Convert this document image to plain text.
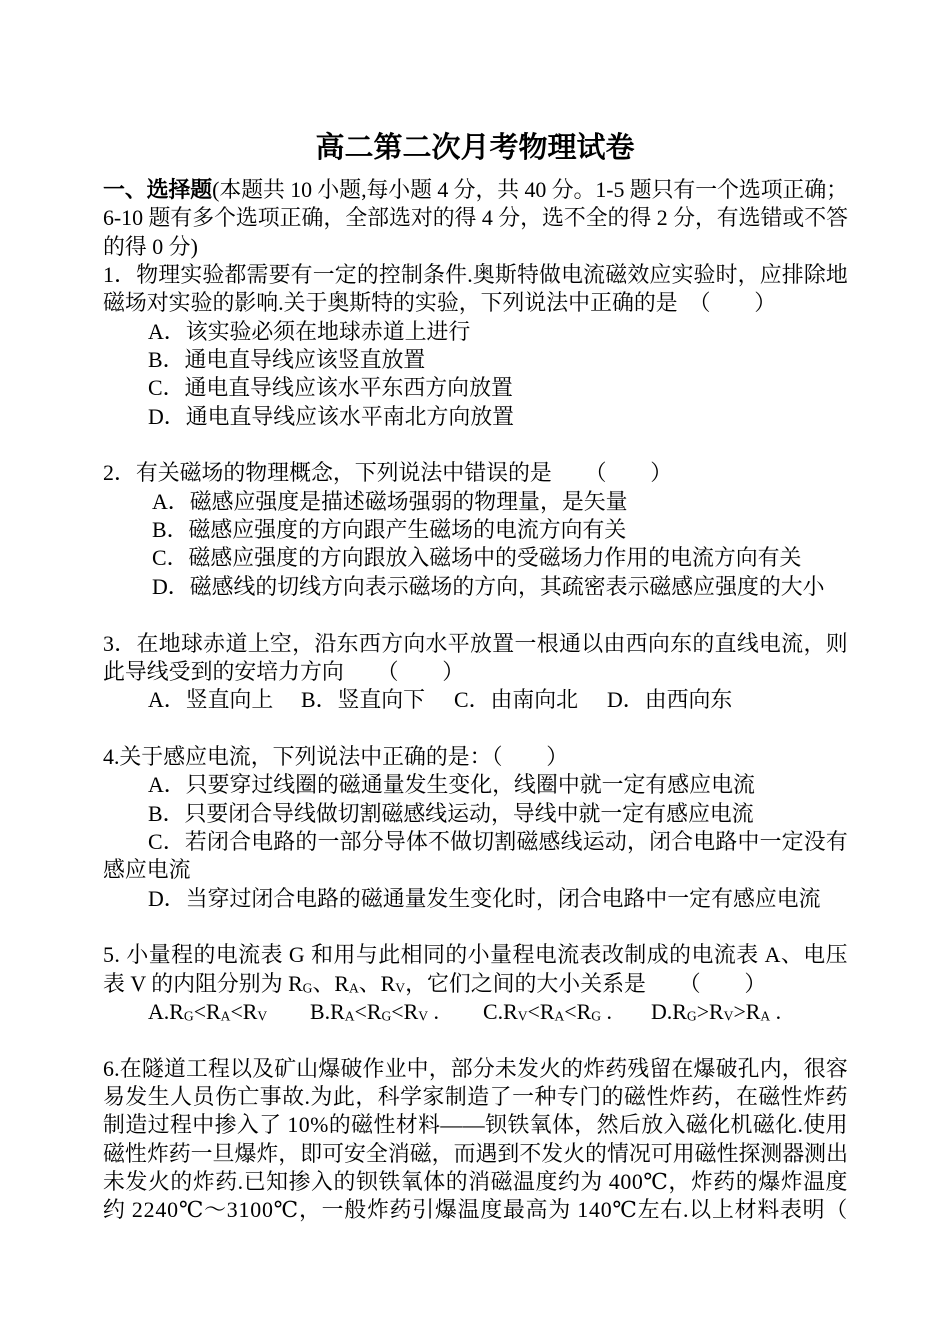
高二第二次月考物理试卷
一、选择题(本题共 10 小题,每小题 4 分，共 40 分。1-5 题只有一个选项正确；
6-10 题有多个选项正确，全部选对的得 4 分，选不全的得 2 分，有选错或不答
的得 0 分)
1．物理实验都需要有一定的控制条件.奥斯特做电流磁效应实验时，应排除地
磁场对实验的影响.关于奥斯特的实验，下列说法中正确的是　（　　）
A．该实验必须在地球赤道上进行
B．通电直导线应该竖直放置
C．通电直导线应该水平东西方向放置
D．通电直导线应该水平南北方向放置
2．有关磁场的物理概念，下列说法中错误的是　　（　　）
A．磁感应强度是描述磁场强弱的物理量，是矢量
B．磁感应强度的方向跟产生磁场的电流方向有关
C．磁感应强度的方向跟放入磁场中的受磁场力作用的电流方向有关
D．磁感线的切线方向表示磁场的方向，其疏密表示磁感应强度的大小
3．在地球赤道上空，沿东西方向水平放置一根通以由西向东的直线电流，则
此导线受到的安培力方向　　（　　）
A．竖直向上 B．竖直向下 C．由南向北 D．由西向东
4.关于感应电流，下列说法中正确的是：（　　）
A．只要穿过线圈的磁通量发生变化，线圈中就一定有感应电流
B．只要闭合导线做切割磁感线运动，导线中就一定有感应电流
C．若闭合电路的一部分导体不做切割磁感线运动，闭合电路中一定没有
感应电流
D．当穿过闭合电路的磁通量发生变化时，闭合电路中一定有感应电流
5. 小量程的电流表 G 和用与此相同的小量程电流表改制成的电流表 A、电压
表 V 的内阻分别为 $R_G$、$R_A$、$R_V$，它们之间的大小关系是　　（　　）
$A.R_G<R_A<R_V$ $B.R_A<R_G<R_V$ . $C.R_V<R_A<R_G$ . $D.R_G>R_V>R_A$ .
6.在隧道工程以及矿山爆破作业中，部分未发火的炸药残留在爆破孔内，很容
易发生人员伤亡事故.为此，科学家制造了一种专门的磁性炸药，在磁性炸药
制造过程中掺入了 10%的磁性材料——钡铁氧体，然后放入磁化机磁化.使用
磁性炸药一旦爆炸，即可安全消磁，而遇到不发火的情况可用磁性探测器测出
未发火的炸药.已知掺入的钡铁氧体的消磁温度约为 400℃，炸药的爆炸温度
约 2240℃～3100℃，一般炸药引爆温度最高为 140℃左右.以上材料表明（
